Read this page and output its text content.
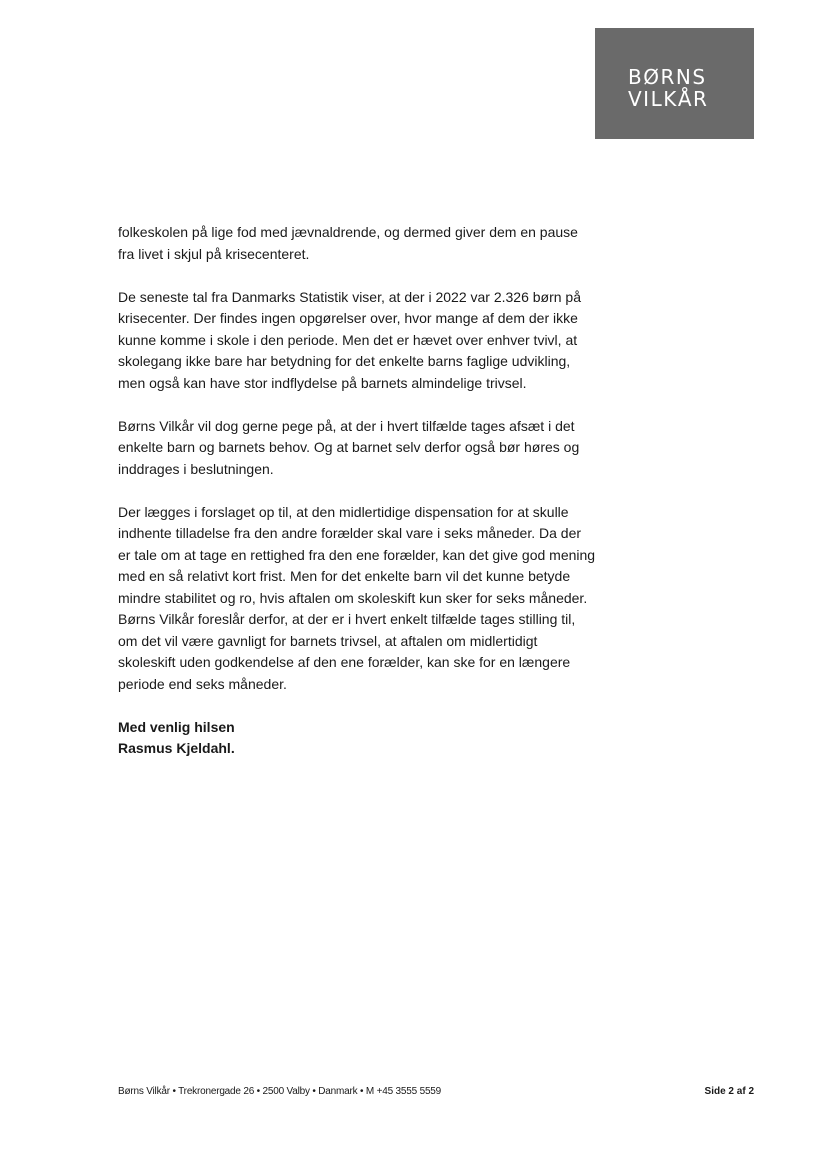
BØRNS
VILKÅR

folkeskolen på lige fod med jævnaldrende, og dermed giver dem en pause
fra livet i skjul på krisecenteret.

De seneste tal fra Danmarks Statistik viser, at der i 2022 var 2.326 børn på
krisecenter. Der findes ingen opgørelser over, hvor mange af dem der ikke
kunne komme i skole i den periode. Men det er hævet over enhver tvivl, at
skolegang ikke bare har betydning for det enkelte barns faglige udvikling,
men også kan have stor indflydelse på barnets almindelige trivsel.

Børns Vilkår vil dog gerne pege på, at der i hvert tilfælde tages afsæt i det
enkelte barn og barnets behov. Og at barnet selv derfor også bør høres og
inddrages i beslutningen.

Der lægges i forslaget op til, at den midlertidige dispensation for at skulle
indhente tilladelse fra den andre forælder skal vare i seks måneder. Da der
er tale om at tage en rettighed fra den ene forælder, kan det give god mening
med en så relativt kort frist. Men for det enkelte barn vil det kunne betyde
mindre stabilitet og ro, hvis aftalen om skoleskift kun sker for seks måneder.
Børns Vilkår foreslår derfor, at der er i hvert enkelt tilfælde tages stilling til,
om det vil være gavnligt for barnets trivsel, at aftalen om midlertidigt
skoleskift uden godkendelse af den ene forælder, kan ske for en længere
periode end seks måneder.

Med venlig hilsen
Rasmus Kjeldahl.

Børns Vilkår • Trekronergade 26 • 2500 Valby • Danmark • M +45 3555 5559	Side 2 af 2
